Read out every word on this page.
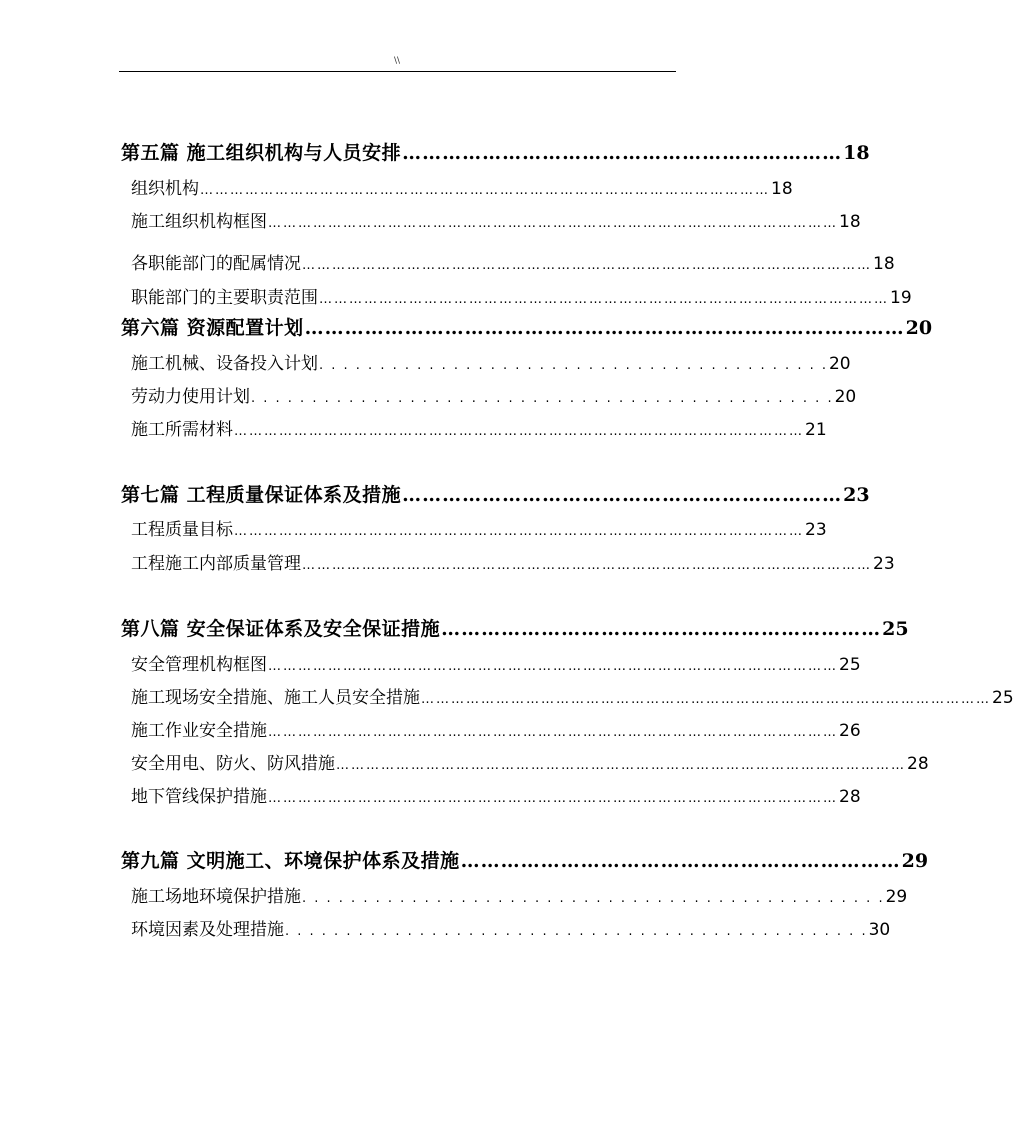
\\
第五篇 施工组织机构与人员安排 ………………………………………………………… 18
组织机构 …………………………………………………………………………………………………… 18
施工组织机构框图 …………………………………………………………………………………………………… 18
各职能部门的配属情况 …………………………………………………………………………………………………… 18
职能部门的主要职责范围 …………………………………………………………………………………………………… 19
第六篇 资源配置计划 ……………………………………………………………………………… 20
施工机械、设备投入计划 . . . . . . . . . . . . . . . . . . . . . . . . . . . . . . . . . . . . . . . . . . 20
劳动力使用计划 . . . . . . . . . . . . . . . . . . . . . . . . . . . . . . . . . . . . . . . . . . . . . . . . 20
施工所需材料 …………………………………………………………………………………………………… 21
第七篇 工程质量保证体系及措施 ………………………………………………………… 23
工程质量目标 …………………………………………………………………………………………………… 23
工程施工内部质量管理 …………………………………………………………………………………………………… 23
第八篇 安全保证体系及安全保证措施 ………………………………………………………… 25
安全管理机构框图 …………………………………………………………………………………………………… 25
施工现场安全措施、施工人员安全措施 …………………………………………………………………………………………………… 25
施工作业安全措施 …………………………………………………………………………………………………… 26
安全用电、防火、防风措施 …………………………………………………………………………………………………… 28
地下管线保护措施 …………………………………………………………………………………………………… 28
第九篇 文明施工、环境保护体系及措施 ………………………………………………………… 29
施工场地环境保护措施 . . . . . . . . . . . . . . . . . . . . . . . . . . . . . . . . . . . . . . . . . . . . . . . . 29
环境因素及处理措施 . . . . . . . . . . . . . . . . . . . . . . . . . . . . . . . . . . . . . . . . . . . . . . . . 30
